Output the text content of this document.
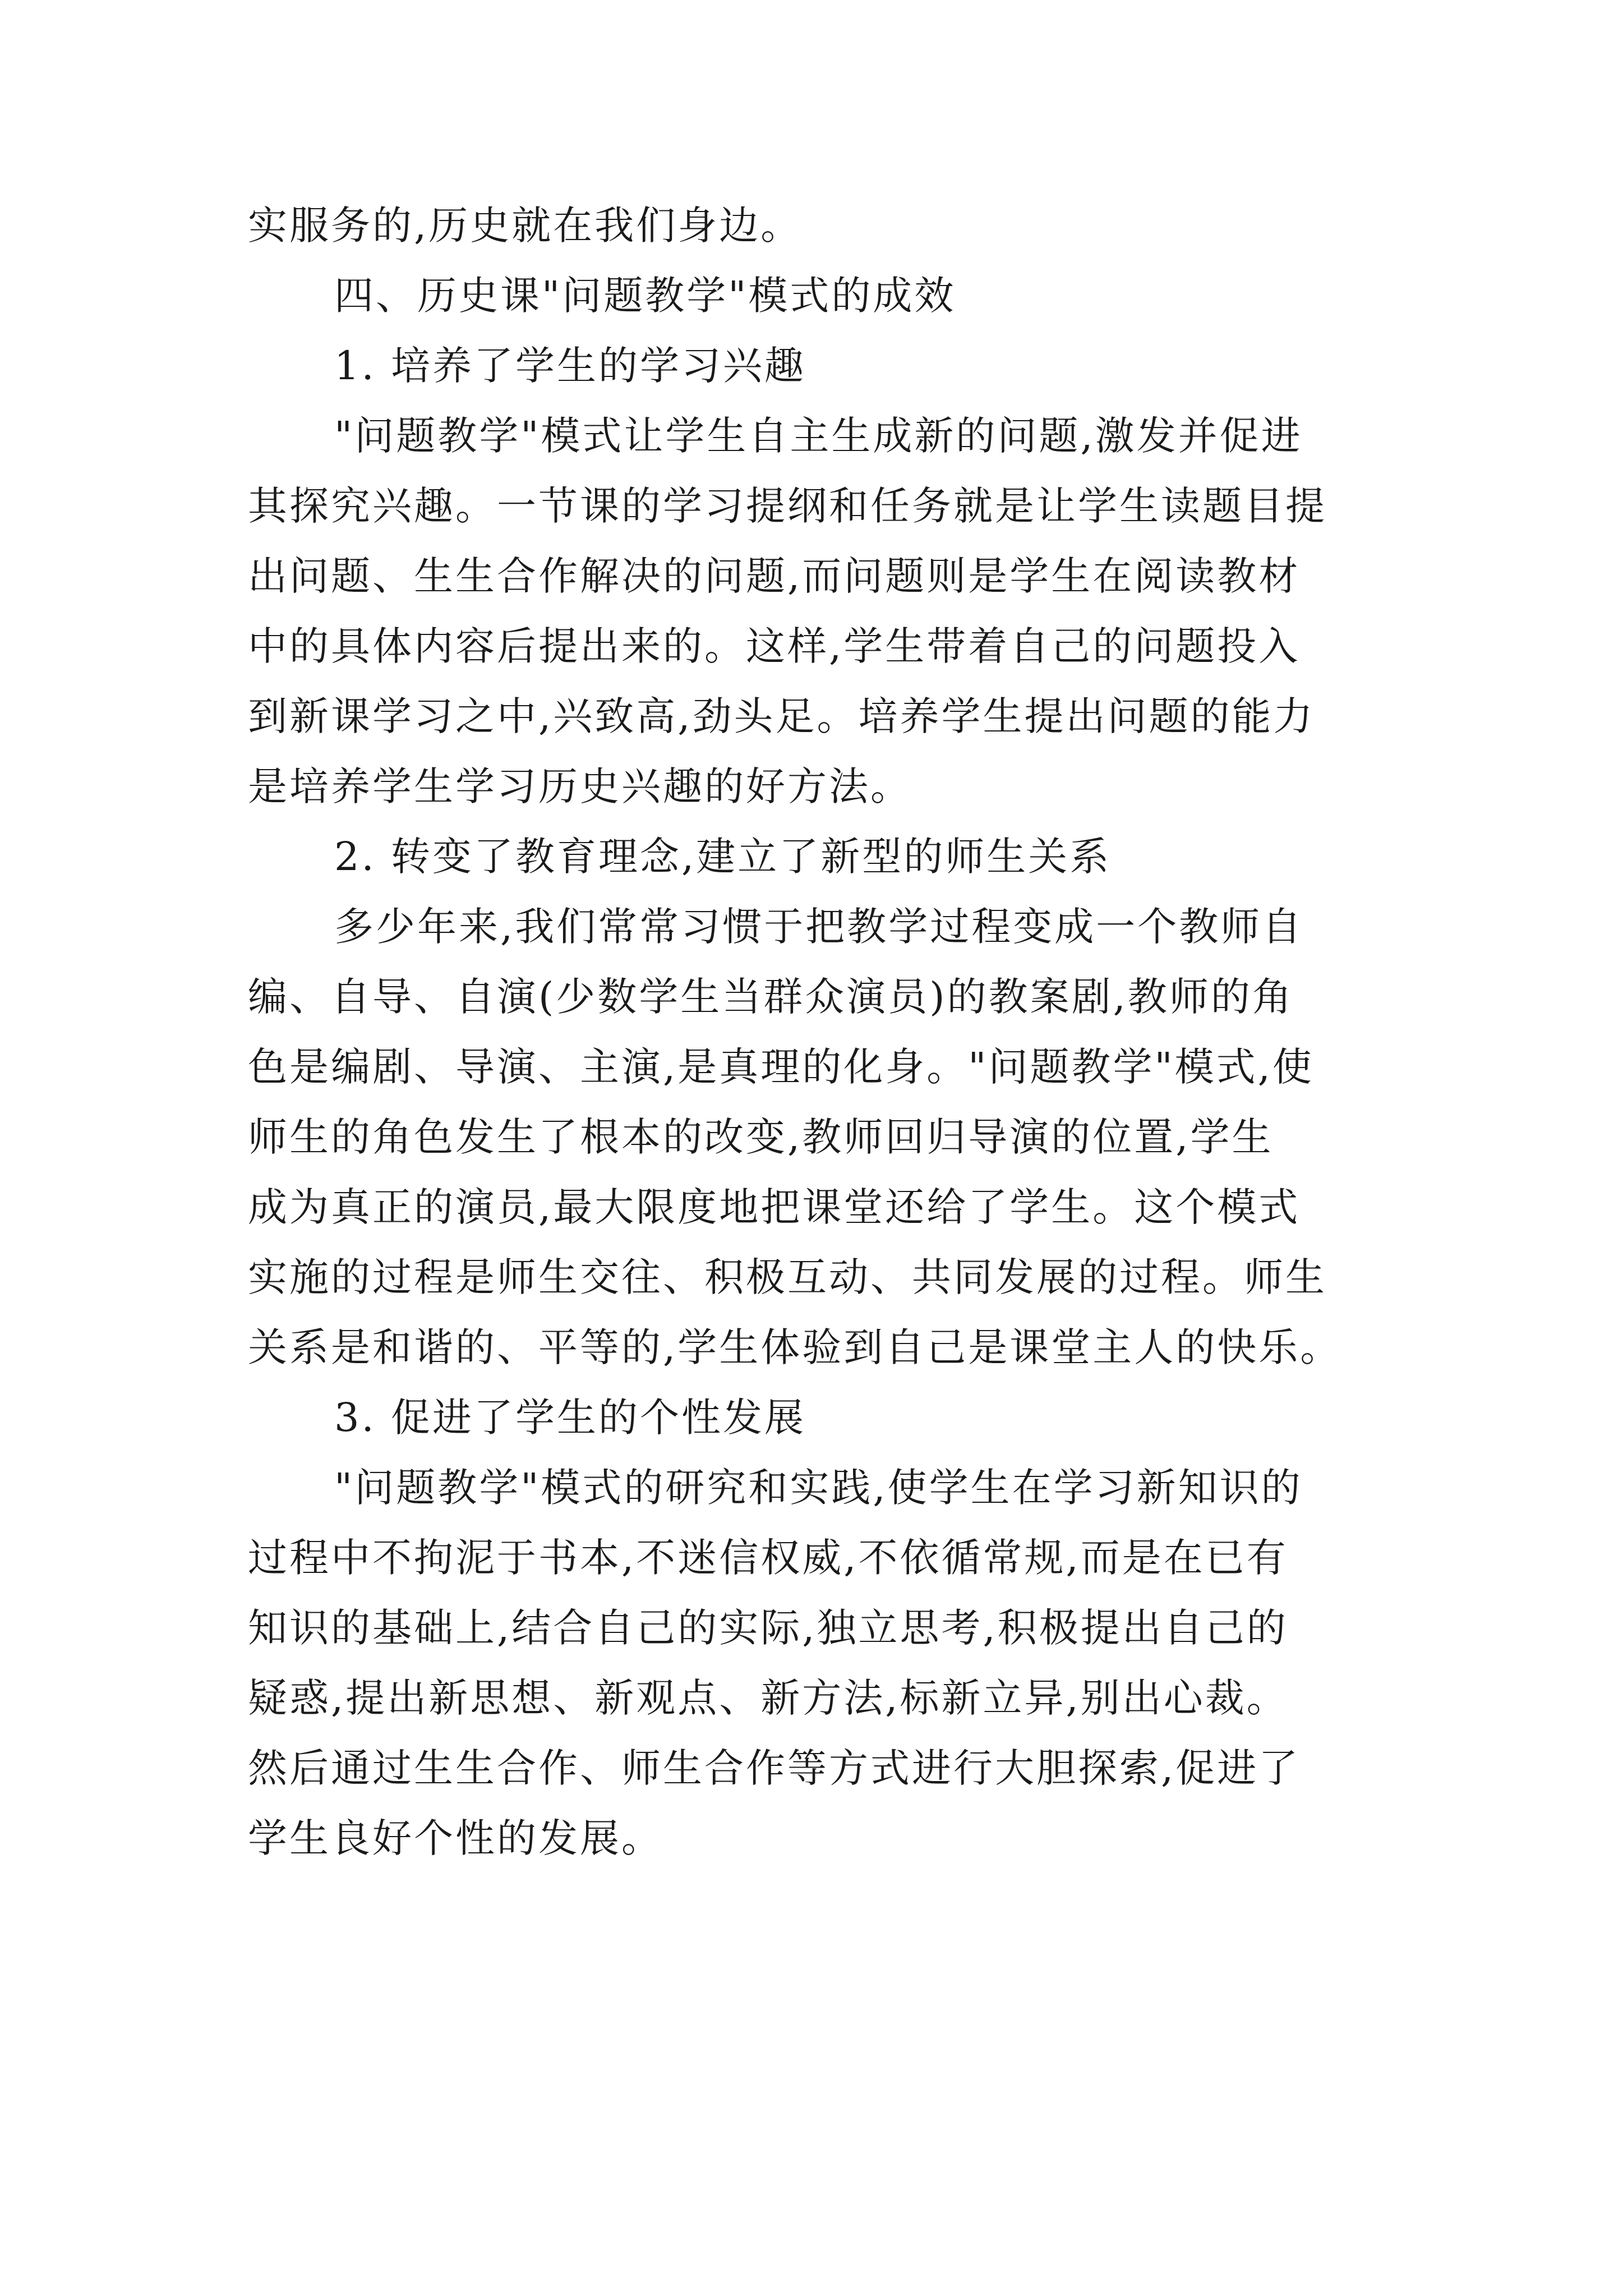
实服务的,历史就在我们身边。
四、历史课"问题教学"模式的成效
1. 培养了学生的学习兴趣
"问题教学"模式让学生自主生成新的问题,激发并促进
其探究兴趣。一节课的学习提纲和任务就是让学生读题目提
出问题、生生合作解决的问题,而问题则是学生在阅读教材
中的具体内容后提出来的。这样,学生带着自己的问题投入
到新课学习之中,兴致高,劲头足。培养学生提出问题的能力
是培养学生学习历史兴趣的好方法。
2. 转变了教育理念,建立了新型的师生关系
多少年来,我们常常习惯于把教学过程变成一个教师自
编、自导、自演(少数学生当群众演员)的教案剧,教师的角
色是编剧、导演、主演,是真理的化身。"问题教学"模式,使
师生的角色发生了根本的改变,教师回归导演的位置,学生
成为真正的演员,最大限度地把课堂还给了学生。这个模式
实施的过程是师生交往、积极互动、共同发展的过程。师生
关系是和谐的、平等的,学生体验到自己是课堂主人的快乐。
3. 促进了学生的个性发展
"问题教学"模式的研究和实践,使学生在学习新知识的
过程中不拘泥于书本,不迷信权威,不依循常规,而是在已有
知识的基础上,结合自己的实际,独立思考,积极提出自己的
疑惑,提出新思想、新观点、新方法,标新立异,别出心裁。
然后通过生生合作、师生合作等方式进行大胆探索,促进了
学生良好个性的发展。
